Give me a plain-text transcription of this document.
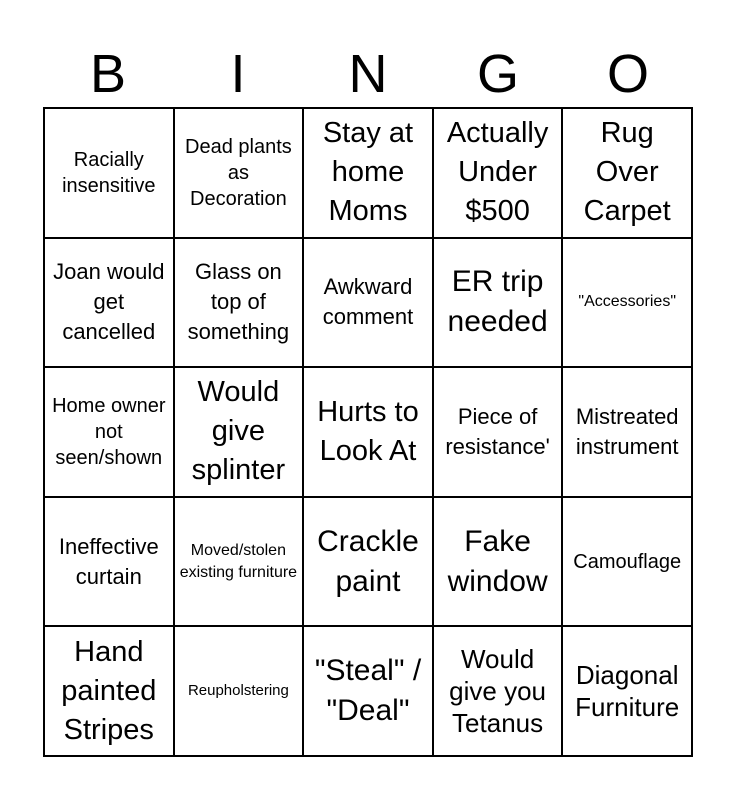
B	I	N	G	O
Racially insensitive
Dead plants as Decoration
Stay at home Moms
Actually Under $500
Rug Over Carpet
Joan would get cancelled
Glass on top of something
Awkward comment
ER trip needed
"Accessories"
Home owner not seen/shown
Would give splinter
Hurts to Look At
Piece of resistance'
Mistreated instrument
Ineffective curtain
Moved/stolen existing furniture
Crackle paint
Fake window
Camouflage
Hand painted Stripes
Reupholstering
"Steal" / "Deal"
Would give you Tetanus
Diagonal Furniture
